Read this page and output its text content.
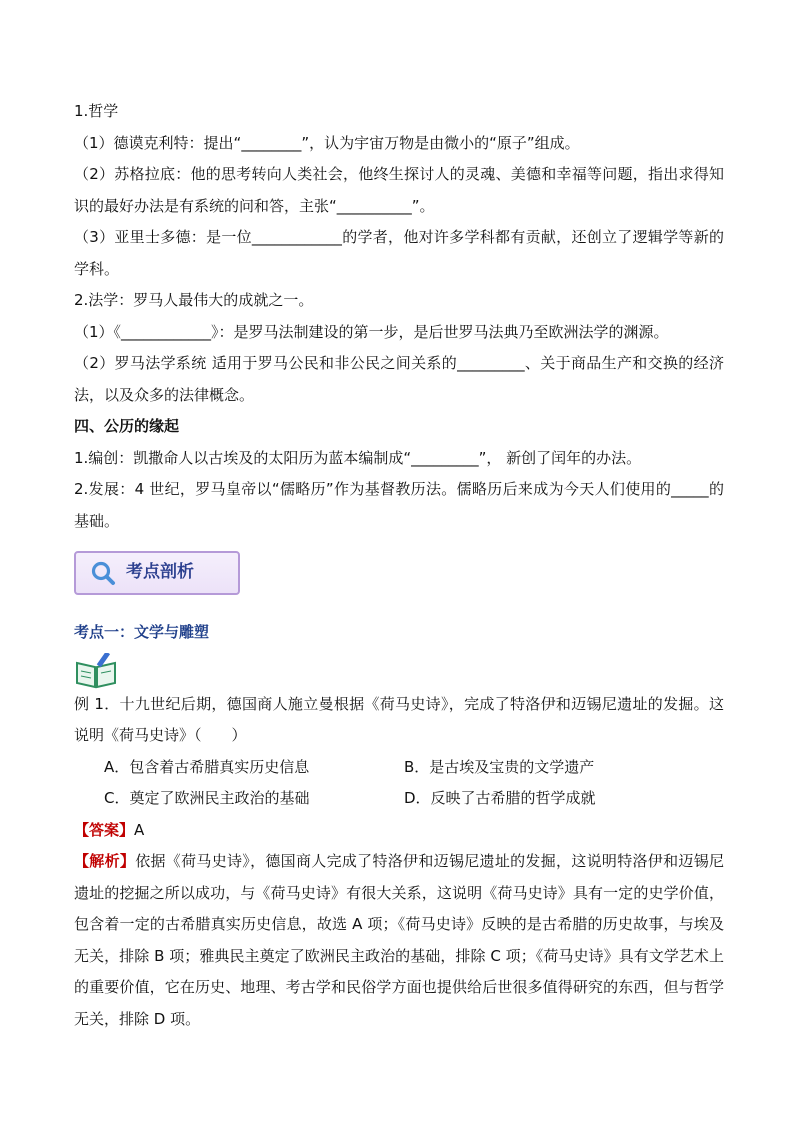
1.哲学
（1）德谟克利特：提出“________”，认为宇宙万物是由微小的“原子”组成。
（2）苏格拉底：他的思考转向人类社会，他终生探讨人的灵魂、美德和幸福等问题，指出求得知识的最好办法是有系统的问和答，主张“__________”。
（3）亚里士多德：是一位____________的学者，他对许多学科都有贡献，还创立了逻辑学等新的学科。
2.法学：罗马人最伟大的成就之一。
（1）《____________》：是罗马法制建设的第一步，是后世罗马法典乃至欧洲法学的渊源。
（2）罗马法学系统 适用于罗马公民和非公民之间关系的_________、关于商品生产和交换的经济法，以及众多的法律概念。
四、公历的缘起
1.编创：凯撒命人以古埃及的太阳历为蓝本编制成“_________”， 新创了闰年的办法。
2.发展：4 世纪，罗马皇帝以“儒略历”作为基督教历法。儒略历后来成为今天人们使用的_____的基础。
考点剖析
考点一：文学与雕塑
例 1．十九世纪后期，德国商人施立曼根据《荷马史诗》，完成了特洛伊和迈锡尼遗址的发掘。这说明《荷马史诗》（　　）
A．包含着古希腊真实历史信息	B．是古埃及宝贵的文学遗产
C．奠定了欧洲民主政治的基础	D．反映了古希腊的哲学成就
【答案】A
【解析】依据《荷马史诗》，德国商人完成了特洛伊和迈锡尼遗址的发掘，这说明特洛伊和迈锡尼遗址的挖掘之所以成功，与《荷马史诗》有很大关系，这说明《荷马史诗》具有一定的史学价值，包含着一定的古希腊真实历史信息，故选 A 项；《荷马史诗》反映的是古希腊的历史故事，与埃及无关，排除 B 项；雅典民主奠定了欧洲民主政治的基础，排除 C 项；《荷马史诗》具有文学艺术上的重要价值，它在历史、地理、考古学和民俗学方面也提供给后世很多值得研究的东西，但与哲学无关，排除 D 项。
